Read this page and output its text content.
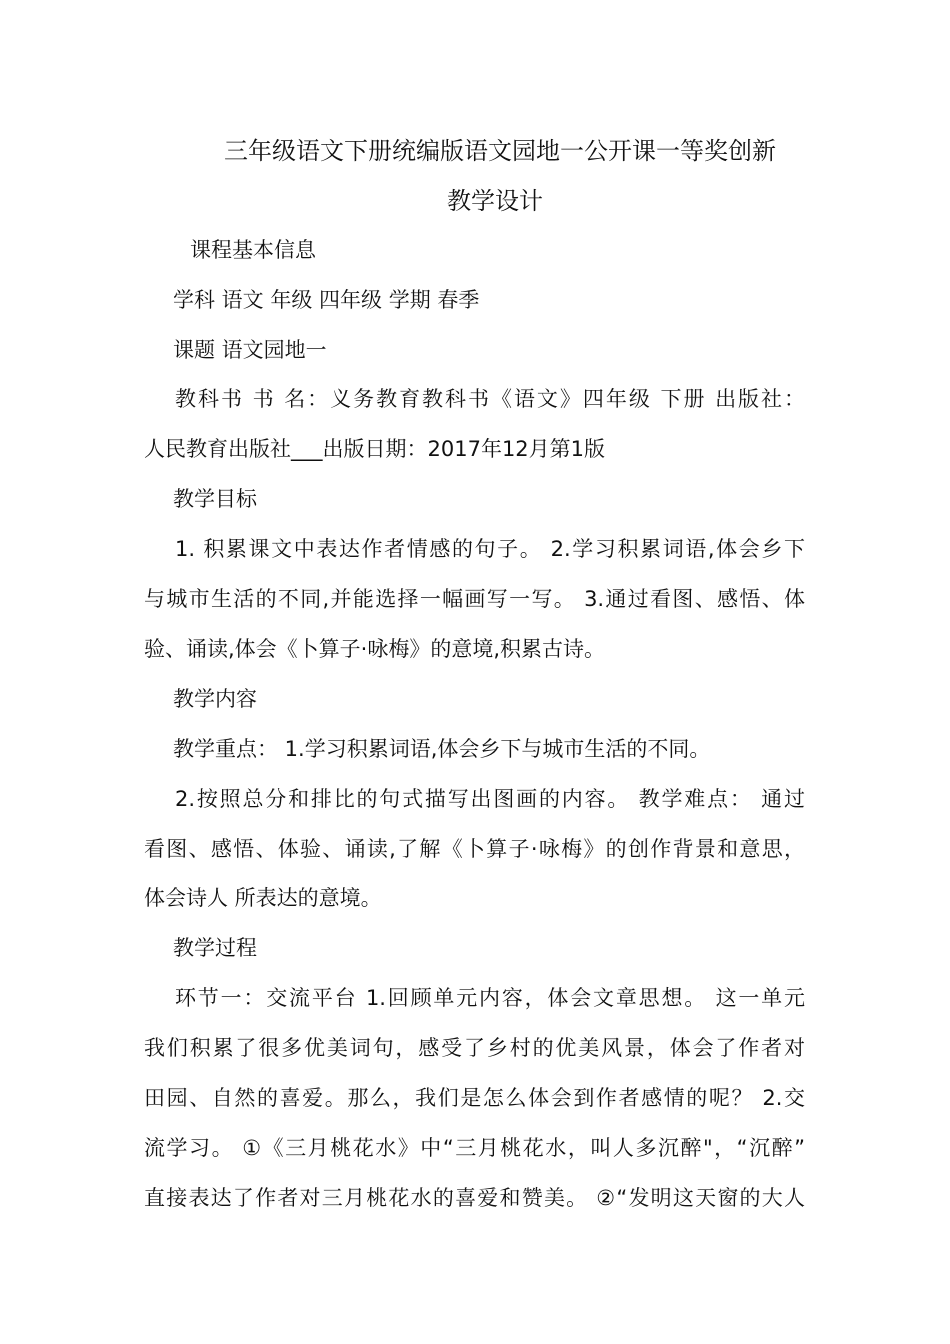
三年级语文下册统编版语文园地一公开课一等奖创新
教学设计
课程基本信息
学科 语文 年级 四年级 学期 春季
课题 语文园地一
教科书 书 名：义务教育教科书《语文》四年级 下册 出版社：
人民教育出版社___出版日期：2017年12月第1版
教学目标
1. 积累课文中表达作者情感的句子。 2.学习积累词语,体会乡下
与城市生活的不同,并能选择一幅画写一写。 3.通过看图、感悟、体
验、诵读,体会《卜算子·咏梅》的意境,积累古诗。
教学内容
教学重点： 1.学习积累词语,体会乡下与城市生活的不同。
2.按照总分和排比的句式描写出图画的内容。 教学难点： 通过
看图、感悟、体验、诵读,了解《卜算子·咏梅》的创作背景和意思，
体会诗人 所表达的意境。
教学过程
环节一：交流平台 1.回顾单元内容，体会文章思想。 这一单元
我们积累了很多优美词句，感受了乡村的优美风景，体会了作者对
田园、自然的喜爱。那么，我们是怎么体会到作者感情的呢？ 2.交
流学习。 ①《三月桃花水》中“三月桃花水，叫人多沉醉"，“沉醉”
直接表达了作者对三月桃花水的喜爱和赞美。 ②“发明这天窗的大人
